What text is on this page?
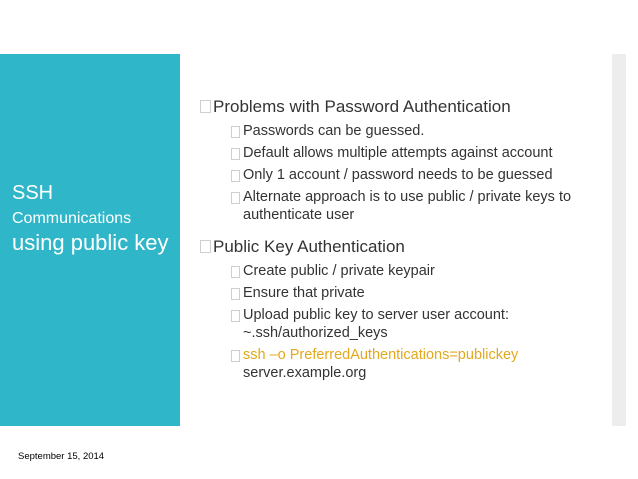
SSH
Communications
using public key
Problems with Password Authentication
Passwords can be guessed.
Default allows multiple attempts against account
Only 1 account / password needs to be guessed
Alternate approach is to use public / private keys to authenticate user
Public Key Authentication
Create public / private keypair
Ensure that private
Upload public key to server user account: ~.ssh/authorized_keys
ssh –o PreferredAuthentications=publickey
server.example.org
September 15, 2014
